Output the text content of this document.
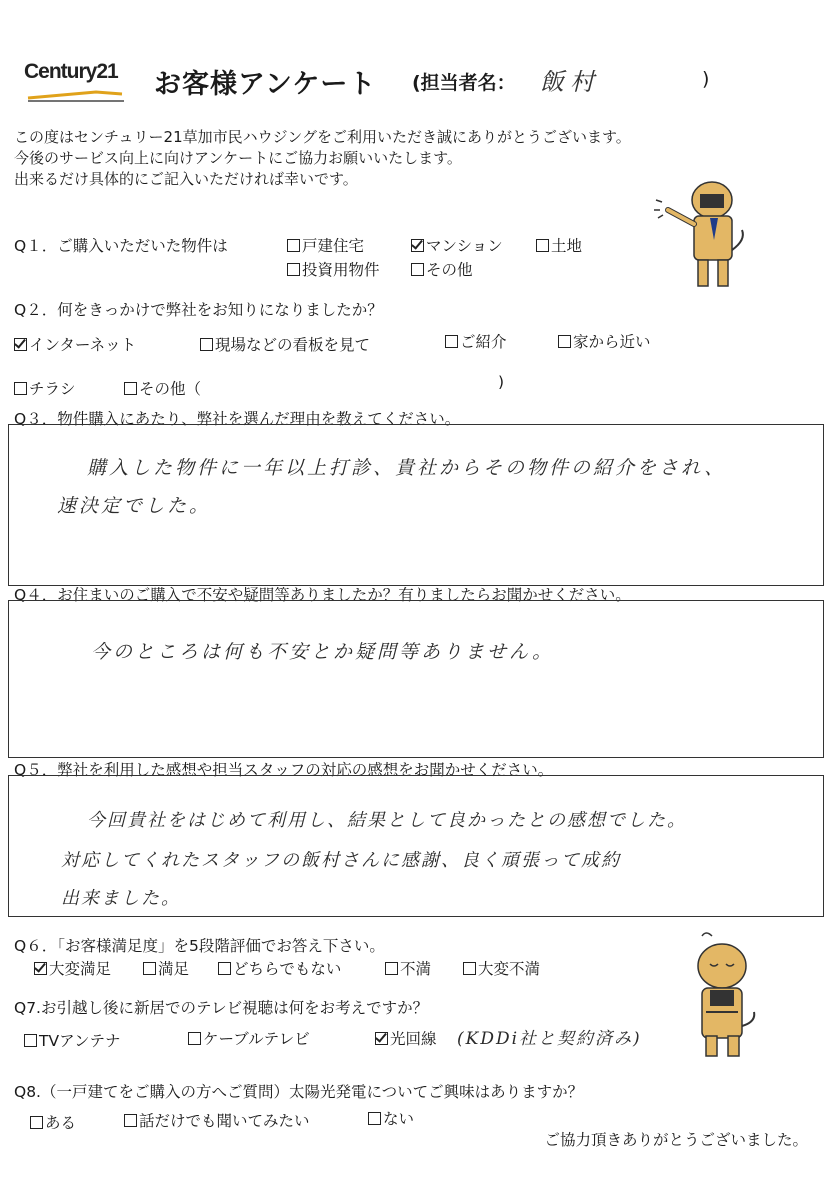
Century21 お客様アンケート (担当者名： 飯村	)
この度はセンチュリー21草加市民ハウジングをご利用いただき誠にありがとうございます。
今後のサービス向上に向けアンケートにご協力お願いいたします。
出来るだけ具体的にご記入いただければ幸いです。
Q１．ご購入いただいた物件は	戸建住宅	マンション	土地
投資用物件	その他
Q２．何をきっかけで弊社をお知りになりましたか？
インターネット	現場などの看板を見て	ご紹介	家から近い
チラシ	その他（	)
Q３．物件購入にあたり、弊社を選んだ理由を教えてください。
購入した物件に一年以上打診、貴社からその物件の紹介をされ、
速決定でした。
Q４．お住まいのご購入で不安や疑問等ありましたか？有りましたらお聞かせください。
今のところは何も不安とか疑問等ありません。
Q５．弊社を利用した感想や担当スタッフの対応の感想をお聞かせください。
今回貴社をはじめて利用し、結果として良かったとの感想でした。
対応してくれたスタッフの飯村さんに感謝、良く頑張って成約
出来ました。
Q６．「お客様満足度」を5段階評価でお答え下さい。
大変満足	満足	どちらでもない	不満	大変不満
Q7.お引越し後に新居でのテレビ視聴は何をお考えですか？
TVアンテナ	ケーブルテレビ	光回線 (KDDi社と契約済み)
Q8.（一戸建てをご購入の方へご質問）太陽光発電についてご興味はありますか？
ある	話だけでも聞いてみたい	ない
ご協力頂きありがとうございました。
